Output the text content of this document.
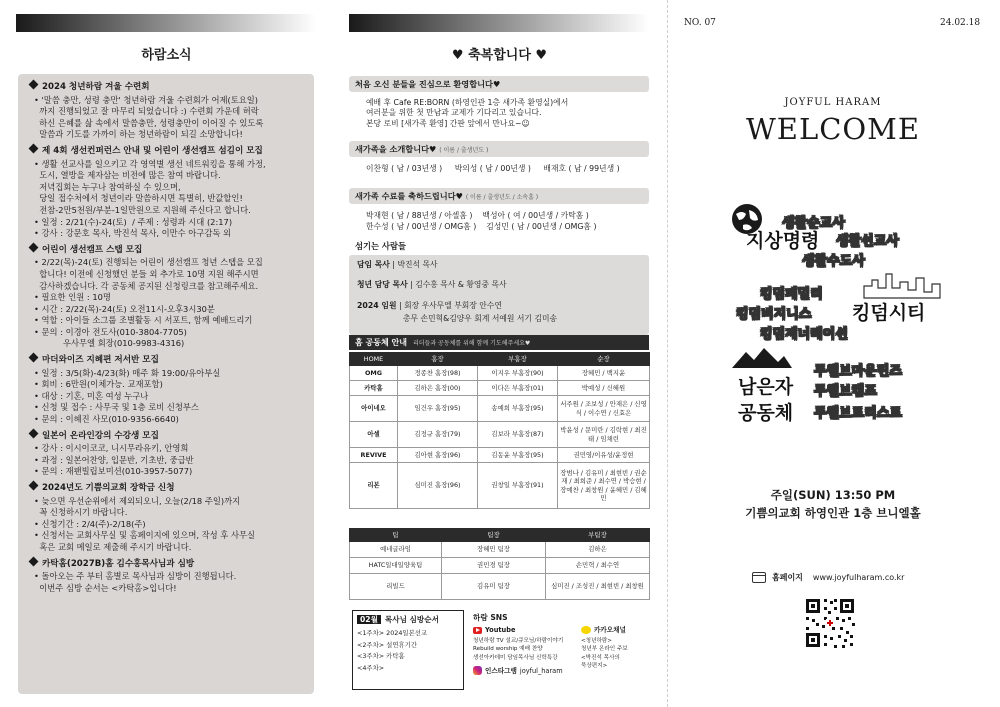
하람소식
2024 청년하람 겨울 수련회
• '말씀 충만, 성령 충만' 청년하람 겨울 수련회가 어제(토요일)
까지 진행되었고 잘 마무리 되었습니다 :) 수련회 가운데 허락
하신 은혜를 삶 속에서 말씀충만, 성령충만이 이어질 수 있도록
말씀과 기도를 가까이 하는 청년하람이 되길 소망합니다!
제 4회 생선컨퍼런스 안내 및 어린이 생선캠프 섬김이 모집
• 생활 선교사를 일으키고 각 영역별 생선 네트워킹을 통해 가정,
도시, 열방을 제자삼는 비전에 많은 참여 바랍니다.
저녁집회는 누구나 참여하실 수 있으며,
당일 접수처에서 청년이라 말씀하시면 특별히, 반값할인!
전참-2만5천원/부분-1일만원으로 지원해 주신다고 합니다.
• 일정 : 2/21(수)-24(토)  / 주제 : 성령과 시대 (2:17)
• 강사 : 강문호 목사, 박진석 목사, 이만수 아구감독 외
어린이 생선캠프 스탭 모집
• 2/22(목)-24(토) 진행되는 어린이 생선캠프 청년 스탭을 모집
합니다! 이전에 신청했던 분들 외 추가로 10명 지원 해주시면
감사하겠습니다. 각 공동체 공지된 신청링크를 참고해주세요.
• 필요한 인원 : 10명
• 시간 : 2/22(목)-24(토) 오전11시-오후3시30분
• 역할 : 아이들 소그룹 조별활동 시 서포트, 함께 예배드리기
• 문의 : 이경아 전도사(010-3804-7705)
우사무엘 회장(010-9983-4316)
마더와이즈 지혜편 저서반 모집
• 일정 : 3/5(화)-4/23(화) 매주 화 19:00/유아부실
• 회비 : 6만원(이체가능. 교재포함)
• 대상 : 기혼, 미혼 여성 누구나
• 신청 및 접수 : 사무국 및 1층 로비 신청부스
• 문의 : 이혜진 사모(010-9356-6640)
일본어 온라인강의 수강생 모집
• 강사 : 이시이코코, 니시무라유키, 안영희
• 과정 : 일본어찬양, 입문반, 기초반, 중급반
• 문의 : 재팬빌립보미션(010-3957-5077)
2024년도 기쁨의교회 장학금 신청
• 늦으면 우선순위에서 제외되오니, 오늘(2/18 주일)까지
꼭 신청하시기 바랍니다.
• 신청기간 : 2/4(주)-2/18(주)
• 신청서는 교회사무실 및 홈페이지에 있으며, 작성 후 사무실
혹은 교회 메일로 제출해 주시기 바랍니다.
카탁홈(2027B)홈 김수홍목사님과 심방
• 돌아오는 주 부터 홈별로 목사님과 심방이 진행됩니다.
이번주 심방 순서는 <카탁홈>입니다!
♥ 축복합니다 ♥
처음 오신 분들을 진심으로 환영합니다♥
예배 후 Cafe RE:BORN (하영인관 1층 새가족 환영실)에서
여러분을 위한 첫 만남과 교제가 기다리고 있습니다.
본당 로비 [새가족 환영] 간판 앞에서 만나요~☺
새가족을 소개합니다♥ ( 이름 / 출생년도 )
이찬형 ( 남 / 03년생 ) 박의성 ( 남 / 00년생 ) 배재호 ( 남 / 99년생 )
새가족 수료를 축하드립니다♥ ( 이름 / 출생년도 / 소속홈 )
박재현 ( 남 / 88년생 / 아셀홈 ) 백성아 ( 여 / 00년생 / 카탁홈 )
한수성 ( 남 / 00년생 / OMG홈 ) 김성민 ( 남 / 00년생 / OMG홈 )
섬기는 사람들
담임 목사 | 박진석 목사
청년 담당 목사 | 김수홍 목사 & 황영중 목사
2024 임원 | 회장 우사무엘 부회장 안수연
총무 손민혁&김양우 회계 서예원 서기 김미송
홈 공동체 안내 리더들과 공동체를 위해 함께 기도해주세요♥
HOME	홈장	부홈장	순장
OMG	정종찬 홈장(98)	이지우 부홈장(90)	장혜민 / 백지윤
카탁홈	김하은 홈장(00)	이다은 부홈장(01)	박예성 / 신혜원
아이네오	임건우 홈장(95)	송예희 부홈장(95)	서주원 / 조보성 / 안재은 / 신영식 / 이수연 / 신효은
아셀	김정규 홈장(79)	김보라 부홈장(87)	박윤성 / 문미란 / 김락현 / 최진태 / 임채린
REVIVE	김아현 홈장(96)	김동윤 부홈장(95)	권민영/이유성/윤정현
리본	심미진 홈장(96)	권창일 부홈장(91)	장범나 / 김유미 / 최현빈 / 권순재 / 최희준 / 최수연 / 박승현 / 장예찬 / 최창원 / 윤혜민 / 김혜민
팀	팀장	부팀장
예네글라임	장혜민 팀장	김하은
HATC일대일양육팀	권민경 팀장	손민혁 / 최수연
리빌드	김유미 팀장	심미진 / 조성진 / 최현빈 / 최창원
02월 목사님 심방순서
<1주차> 2024일본선교
<2주차> 설연휴기간
<3주차> 카탁홈
<4주차>
하람 SNS
Youtube
청년하람 TV 설교/큐모님/하람이야기
Rebuild worship 예배 찬양
생선아카데미 담임목사님 신학특강
인스타그램 joyful_haram
카카오채널
<청년하람>
청년부 온라인 주보
<박진석 목사의
묵상편지>
NO. 07	24.02.18
JOYFUL HARAM
WELCOME
생활순교사
지상명령 생활선교사
생활수도사
킹덤패밀리
킹덤비지니스 킹덤시티
킹덤제너레이션
투웰브마운틴즈
남은자 투웰브캠프
공동체 투웰브트리스트
주일(SUN) 13:50 PM
기쁨의교회 하영인관 1층 브니엘홀
홈페이지 www.joyfulharam.co.kr
